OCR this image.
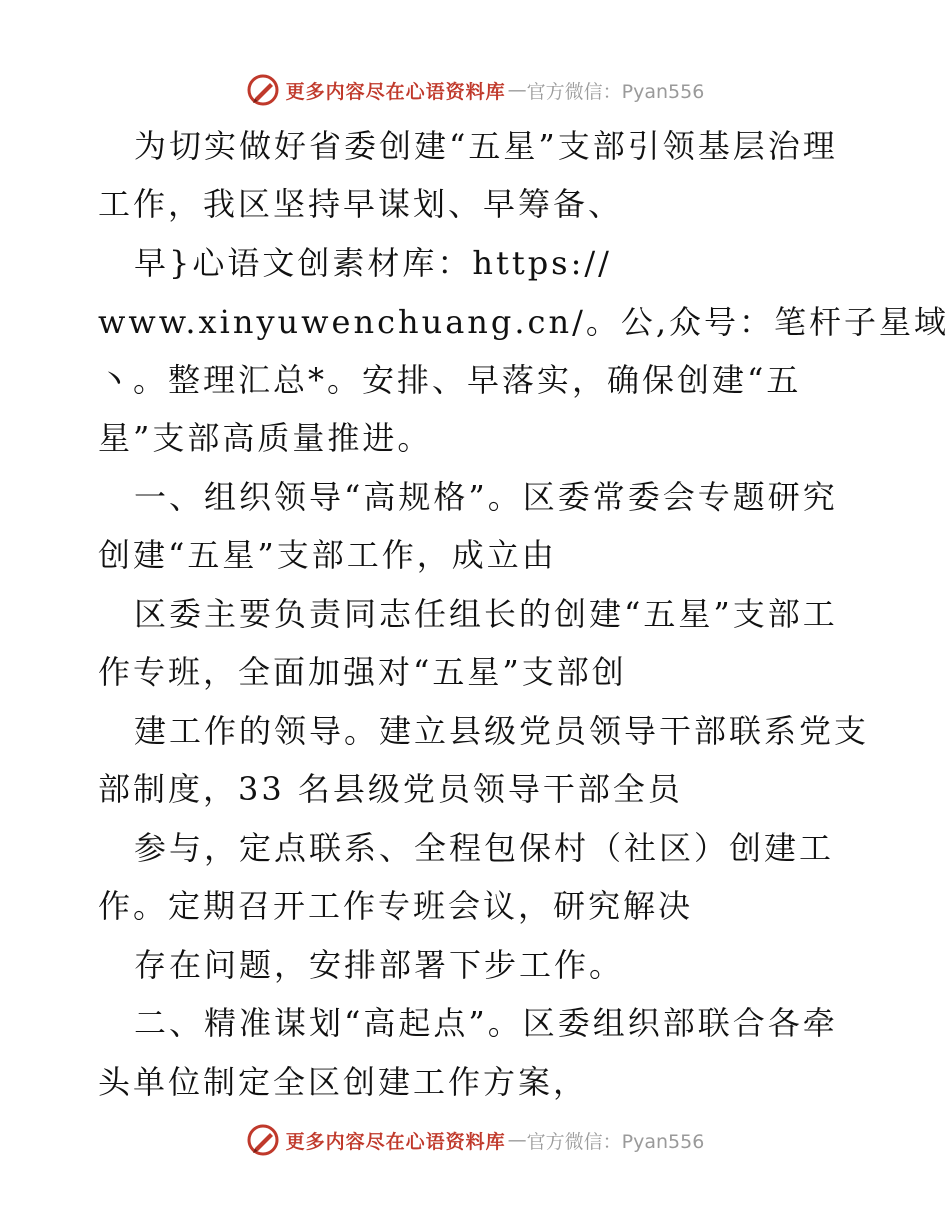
更多内容尽在心语资料库 — 官方微信：Pyan556
为切实做好省委创建“五星”支部引领基层治理
工作，我区坚持早谋划、早筹备、
早}心语文创素材库：https://
www.xinyuwenchuang.cn/。公,众号：笔杆子星域
丶。整理汇总*。安排、早落实，确保创建“五
星”支部高质量推进。
一、组织领导“高规格”。区委常委会专题研究
创建“五星”支部工作，成立由
区委主要负责同志任组长的创建“五星”支部工
作专班，全面加强对“五星”支部创
建工作的领导。建立县级党员领导干部联系党支
部制度，33 名县级党员领导干部全员
参与，定点联系、全程包保村（社区）创建工
作。定期召开工作专班会议，研究解决
存在问题，安排部署下步工作。
二、精准谋划“高起点”。区委组织部联合各牵
头单位制定全区创建工作方案，
更多内容尽在心语资料库 — 官方微信：Pyan556
